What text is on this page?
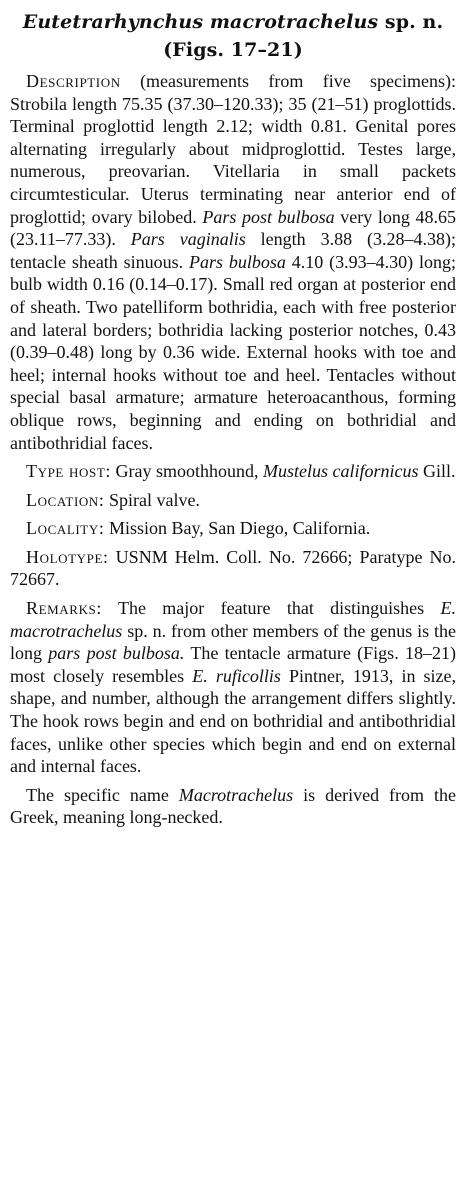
Eutetrarhynchus macrotrachelus sp. n.
(Figs. 17–21)

Description (measurements from five specimens): Strobila length 75.35 (37.30–120.33); 35 (21–51) proglottids. Terminal proglottid length 2.12; width 0.81. Genital pores alternating irregularly about midproglottid. Testes large, numerous, preovarian. Vitellaria in small packets circumtesticular. Uterus terminating near anterior end of proglottid; ovary bilobed. Pars post bulbosa very long 48.65 (23.11–77.33). Pars vaginalis length 3.88 (3.28–4.38); tentacle sheath sinuous. Pars bulbosa 4.10 (3.93–4.30) long; bulb width 0.16 (0.14–0.17). Small red organ at posterior end of sheath. Two patelliform bothridia, each with free posterior and lateral borders; bothridia lacking posterior notches, 0.43 (0.39–0.48) long by 0.36 wide. External hooks with toe and heel; internal hooks without toe and heel. Tentacles without special basal armature; armature heteroacanthous, forming oblique rows, beginning and ending on bothridial and antibothridial faces.

Type host: Gray smoothhound, Mustelus californicus Gill.

Location: Spiral valve.

Locality: Mission Bay, San Diego, California.

Holotype: USNM Helm. Coll. No. 72666; Paratype No. 72667.

Remarks: The major feature that distinguishes E. macrotrachelus sp. n. from other members of the genus is the long pars post bulbosa. The tentacle armature (Figs. 18–21) most closely resembles E. ruficollis Pintner, 1913, in size, shape, and number, although the arrangement differs slightly. The hook rows begin and end on bothridial and antibothridial faces, unlike other species which begin and end on external and internal faces.

The specific name Macrotrachelus is derived from the Greek, meaning long-necked.
